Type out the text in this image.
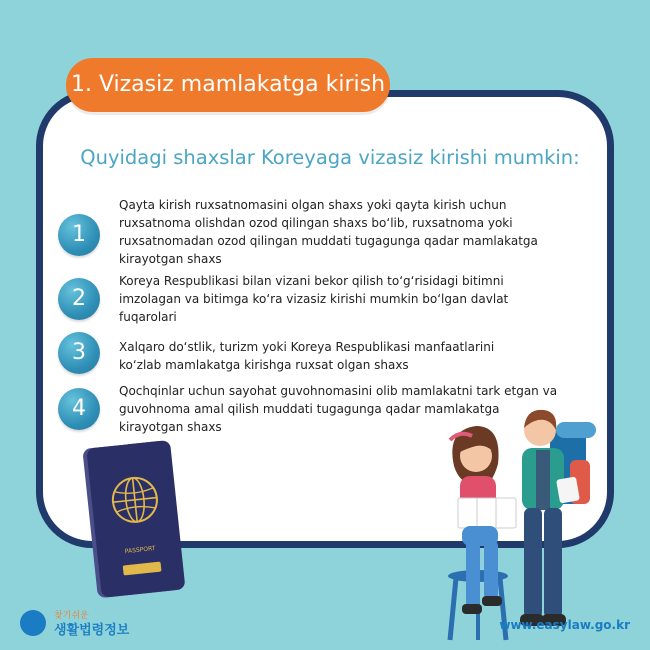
1. Vizasiz mamlakatga kirish
Quyidagi shaxslar Koreyaga vizasiz kirishi mumkin:
1
Qayta kirish ruxsatnomasini olgan shaxs yoki qayta kirish uchun
ruxsatnoma olishdan ozod qilingan shaxs bo‘lib, ruxsatnoma yoki
ruxsatnomadan ozod qilingan muddati tugagunga qadar mamlakatga
kirayotgan shaxs
2
Koreya Respublikasi bilan vizani bekor qilish to‘g‘risidagi bitimni
imzolagan va bitimga ko‘ra vizasiz kirishi mumkin bo‘lgan davlat
fuqarolari
3	Xalqaro do‘stlik, turizm yoki Koreya Respublikasi manfaatlarini
ko‘zlab mamlakatga kirishga ruxsat olgan shaxs
4
Qochqinlar uchun sayohat guvohnomasini olib mamlakatni tark etgan va
guvohnoma amal qilish muddati tugagunga qadar mamlakatga
kirayotgan shaxs
PASSPORT
찾기쉬운
생활법령정보	www.easylaw.go.kr
